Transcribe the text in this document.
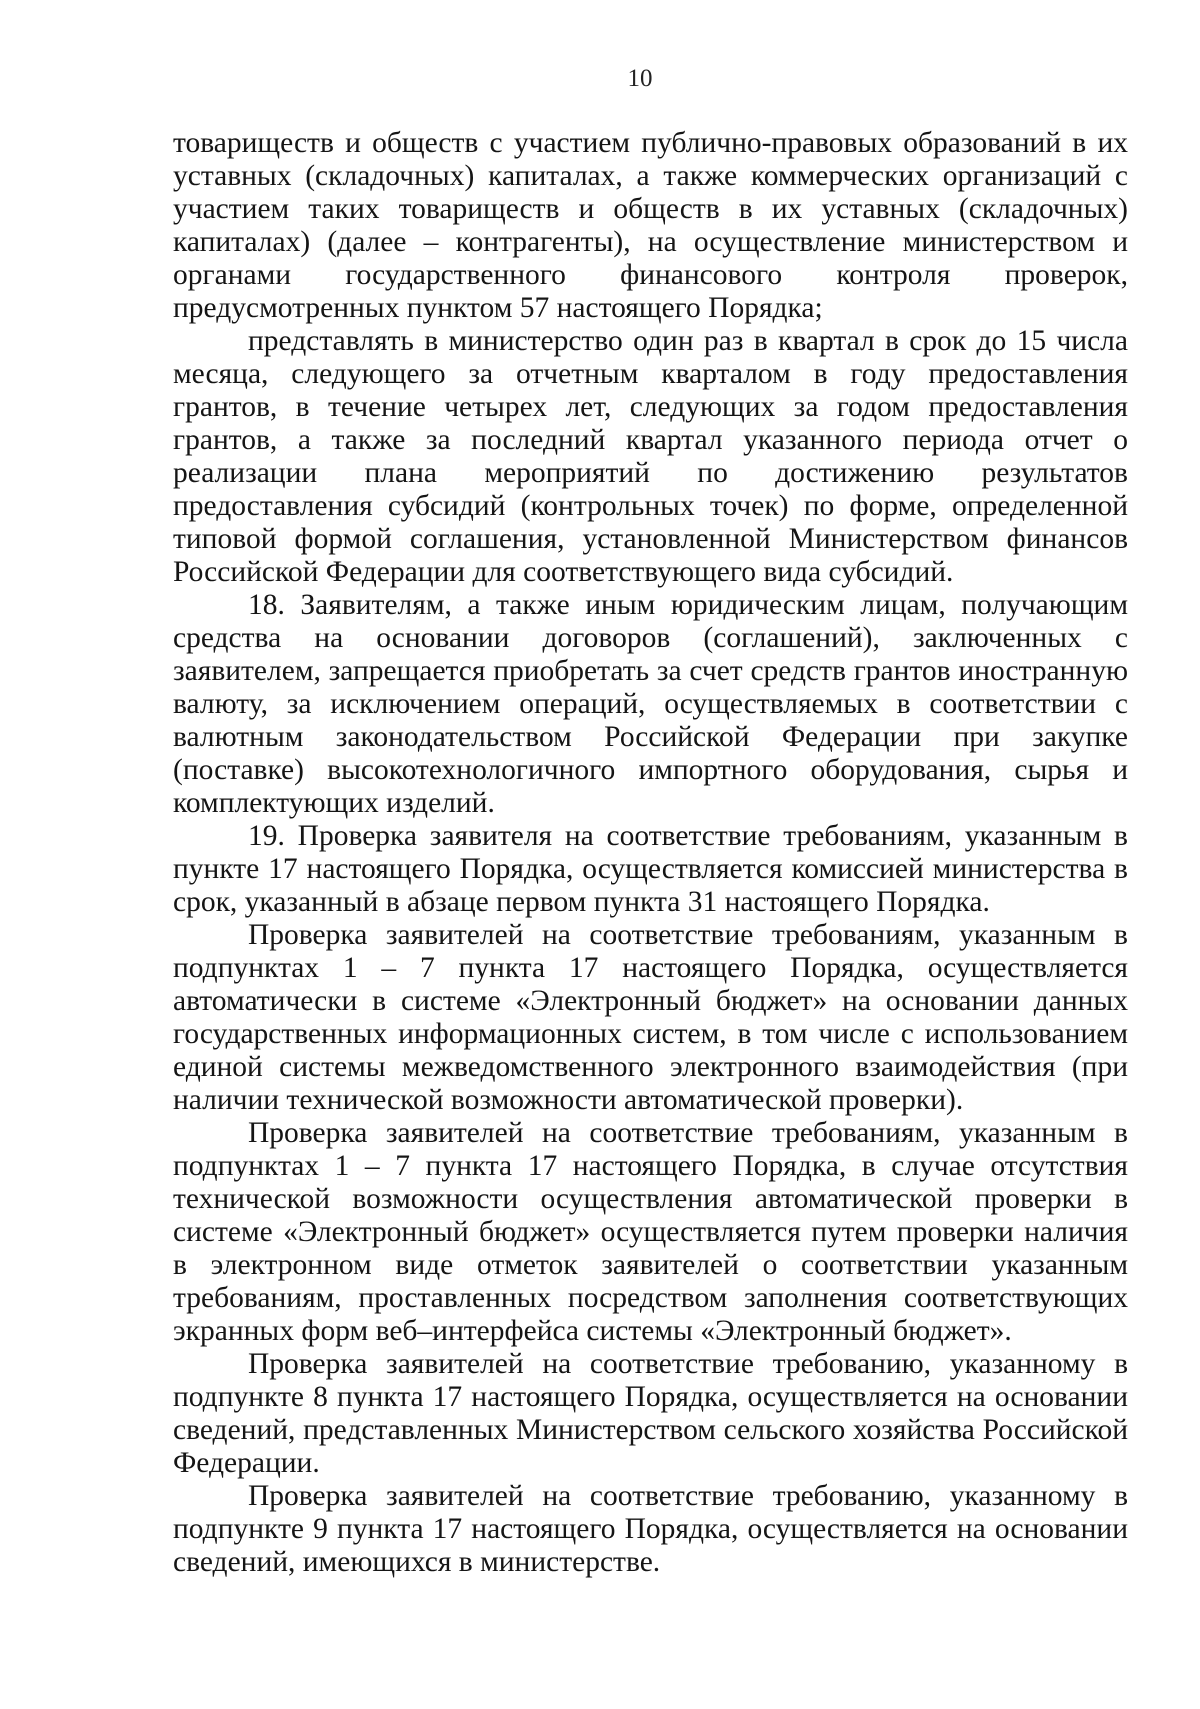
10

товариществ и обществ с участием публично-правовых образований в их уставных (складочных) капиталах, а также коммерческих организаций с участием таких товариществ и обществ в их уставных (складочных) капиталах) (далее – контрагенты), на осуществление министерством и органами государственного финансового контроля проверок, предусмотренных пунктом 57 настоящего Порядка;

представлять в министерство один раз в квартал в срок до 15 числа месяца, следующего за отчетным кварталом в году предоставления грантов, в течение четырех лет, следующих за годом предоставления грантов, а также за последний квартал указанного периода отчет о реализации плана мероприятий по достижению результатов предоставления субсидий (контрольных точек) по форме, определенной типовой формой соглашения, установленной Министерством финансов Российской Федерации для соответствующего вида субсидий.

18. Заявителям, а также иным юридическим лицам, получающим средства на основании договоров (соглашений), заключенных с заявителем, запрещается приобретать за счет средств грантов иностранную валюту, за исключением операций, осуществляемых в соответствии с валютным законодательством Российской Федерации при закупке (поставке) высокотехнологичного импортного оборудования, сырья и комплектующих изделий.

19. Проверка заявителя на соответствие требованиям, указанным в пункте 17 настоящего Порядка, осуществляется комиссией министерства в срок, указанный в абзаце первом пункта 31 настоящего Порядка.

Проверка заявителей на соответствие требованиям, указанным в подпунктах 1 – 7 пункта 17 настоящего Порядка, осуществляется автоматически в системе «Электронный бюджет» на основании данных государственных информационных систем, в том числе с использованием единой системы межведомственного электронного взаимодействия (при наличии технической возможности автоматической проверки).

Проверка заявителей на соответствие требованиям, указанным в подпунктах 1 – 7 пункта 17 настоящего Порядка, в случае отсутствия технической возможности осуществления автоматической проверки в системе «Электронный бюджет» осуществляется путем проверки наличия в электронном виде отметок заявителей о соответствии указанным требованиям, проставленных посредством заполнения соответствующих экранных форм веб–интерфейса системы «Электронный бюджет».

Проверка заявителей на соответствие требованию, указанному в подпункте 8 пункта 17 настоящего Порядка, осуществляется на основании сведений, представленных Министерством сельского хозяйства Российской Федерации.

Проверка заявителей на соответствие требованию, указанному в подпункте 9 пункта 17 настоящего Порядка, осуществляется на основании сведений, имеющихся в министерстве.
